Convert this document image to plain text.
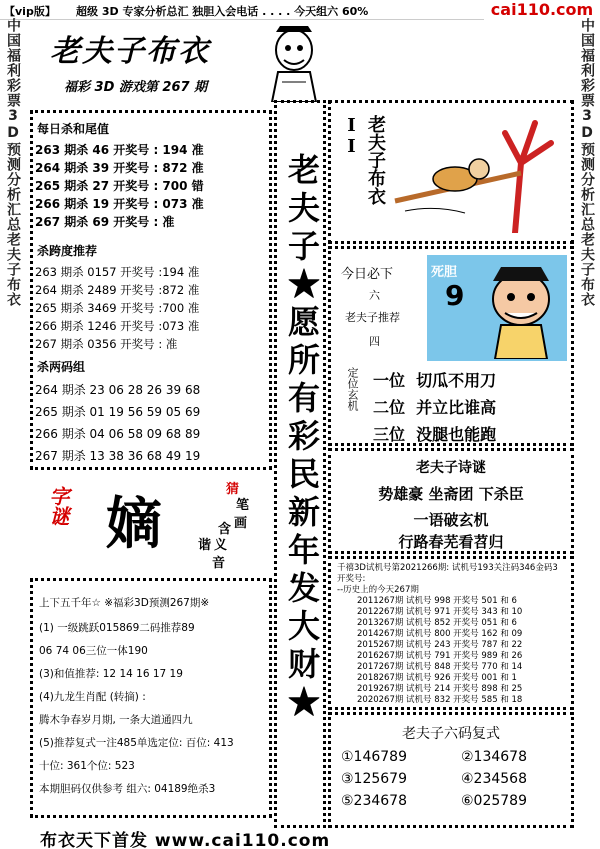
【vip版】 超级 3D 专家分析总汇 独胆入会电话 . . . . 今天组六 60%	cai110.com
中国福利彩票3D预测分析汇总老夫子布衣	中国福利彩票3D预测分析汇总老夫子布衣
老夫子布衣
福彩 3D 游戏第 267 期
每日杀和尾值
263 期杀 46 开奖号 : 194 准
264 期杀 39 开奖号 : 872 准
265 期杀 27 开奖号 : 700 错
266 期杀 19 开奖号 : 073 准
267 期杀 69 开奖号 : 准
杀跨度推荐
263 期杀 0157 开奖号 :194 准
264 期杀 2489 开奖号 :872 准
265 期杀 3469 开奖号 :700 准
266 期杀 1246 开奖号 :073 准
267 期杀 0356 开奖号 : 准
杀两码组
264 期杀 23 06 28 26 39 68
265 期杀 01 19 56 59 05 69
266 期杀 04 06 58 09 68 89
267 期杀 13 38 36 68 49 19
字谜 嫡
猜
笔
画
含
谐 义
音
上下五千年☆ ※福彩3D预测267期※
(1) 一级跳跃015869二码推荐89
06 74 06三位一体190
(3)和值推荐: 12 14 16 17 19
(4)九龙生肖配 (转摘) :
腾木争春岁月期, 一条大道通四九
(5)推荐复式一注485单选定位: 百位: 413
十位: 361个位: 523
本期胆码仅供参考 组六: 04189绝杀3
老夫子★愿所有彩民新年发大财★	老夫子布衣II
今日必下
六
老夫子推荐
四
死胆
9
定位玄机 一位 切瓜不用刀
二位 并立比谁高
三位 没腿也能跑
老夫子诗谜
势雄豪 坐斋团 下杀臣
一语破玄机
行路春芜看苕归
千禧3D试机号第2021266期: 试机号193关注码346金码3
开奖号:
--历史上的今天267期
2011267期 试机号 998 开奖号 501 和 6
2012267期 试机号 971 开奖号 343 和 10
2013267期 试机号 852 开奖号 051 和 6
2014267期 试机号 800 开奖号 162 和 09
2015267期 试机号 243 开奖号 787 和 22
2016267期 试机号 791 开奖号 989 和 26
2017267期 试机号 848 开奖号 770 和 14
2018267期 试机号 926 开奖号 001 和 1
2019267期 试机号 214 开奖号 898 和 25
2020267期 试机号 832 开奖号 585 和 18
老夫子六码复式
①146789	②134678
③125679	④234568
⑤234678	⑥025789
布衣天下首发 www.cai110.com
